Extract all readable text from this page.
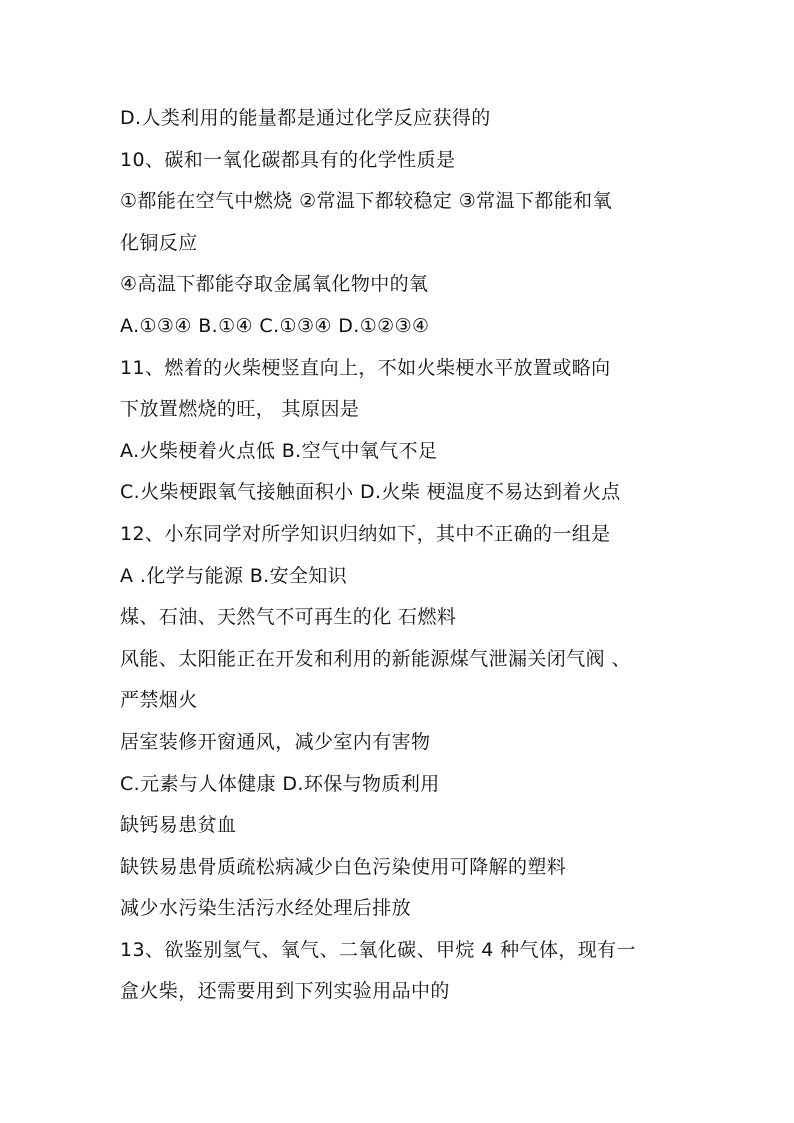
D.人类利用的能量都是通过化学反应获得的
10、碳和一氧化碳都具有的化学性质是
①都能在空气中燃烧 ②常温下都较稳定 ③常温下都能和氧
化铜反应
④高温下都能夺取金属氧化物中的氧
A.①③④ B.①④ C.①③④ D.①②③④
11、燃着的火柴梗竖直向上，不如火柴梗水平放置或略向
下放置燃烧的旺， 其原因是
A.火柴梗着火点低 B.空气中氧气不足
C.火柴梗跟氧气接触面积小 D.火柴 梗温度不易达到着火点
12、小东同学对所学知识归纳如下，其中不正确的一组是
A .化学与能源 B.安全知识
煤、石油、天然气不可再生的化 石燃料
风能、太阳能正在开发和利用的新能源煤气泄漏关闭气阀 、
严禁烟火
居室装修开窗通风，减少室内有害物
C.元素与人体健康 D.环保与物质利用
缺钙易患贫血
缺铁易患骨质疏松病减少白色污染使用可降解的塑料
减少水污染生活污水经处理后排放
13、欲鉴别氢气、氧气、二氧化碳、甲烷 4 种气体，现有一
盒火柴，还需要用到下列实验用品中的
